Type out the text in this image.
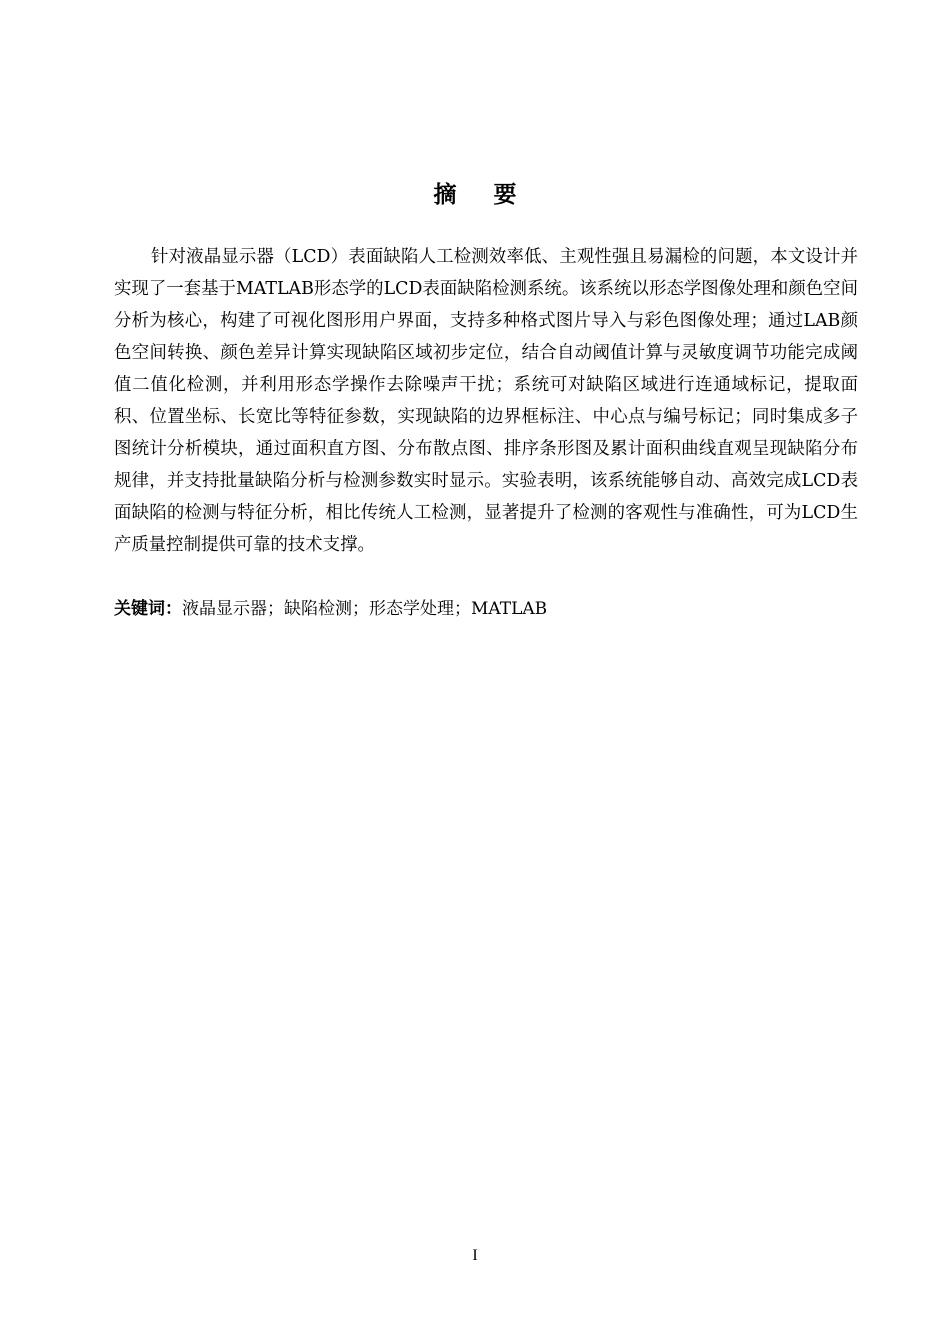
摘要

针对液晶显示器（LCD）表面缺陷人工检测效率低、主观性强且易漏检的问题，本文设计并实现了一套基于MATLAB形态学的LCD表面缺陷检测系统。该系统以形态学图像处理和颜色空间分析为核心，构建了可视化图形用户界面，支持多种格式图片导入与彩色图像处理；通过LAB颜色空间转换、颜色差异计算实现缺陷区域初步定位，结合自动阈值计算与灵敏度调节功能完成阈值二值化检测，并利用形态学操作去除噪声干扰；系统可对缺陷区域进行连通域标记，提取面积、位置坐标、长宽比等特征参数，实现缺陷的边界框标注、中心点与编号标记；同时集成多子图统计分析模块，通过面积直方图、分布散点图、排序条形图及累计面积曲线直观呈现缺陷分布规律，并支持批量缺陷分析与检测参数实时显示。实验表明，该系统能够自动、高效完成LCD表面缺陷的检测与特征分析，相比传统人工检测，显著提升了检测的客观性与准确性，可为LCD生产质量控制提供可靠的技术支撑。

关键词：液晶显示器；缺陷检测；形态学处理；MATLAB

I
